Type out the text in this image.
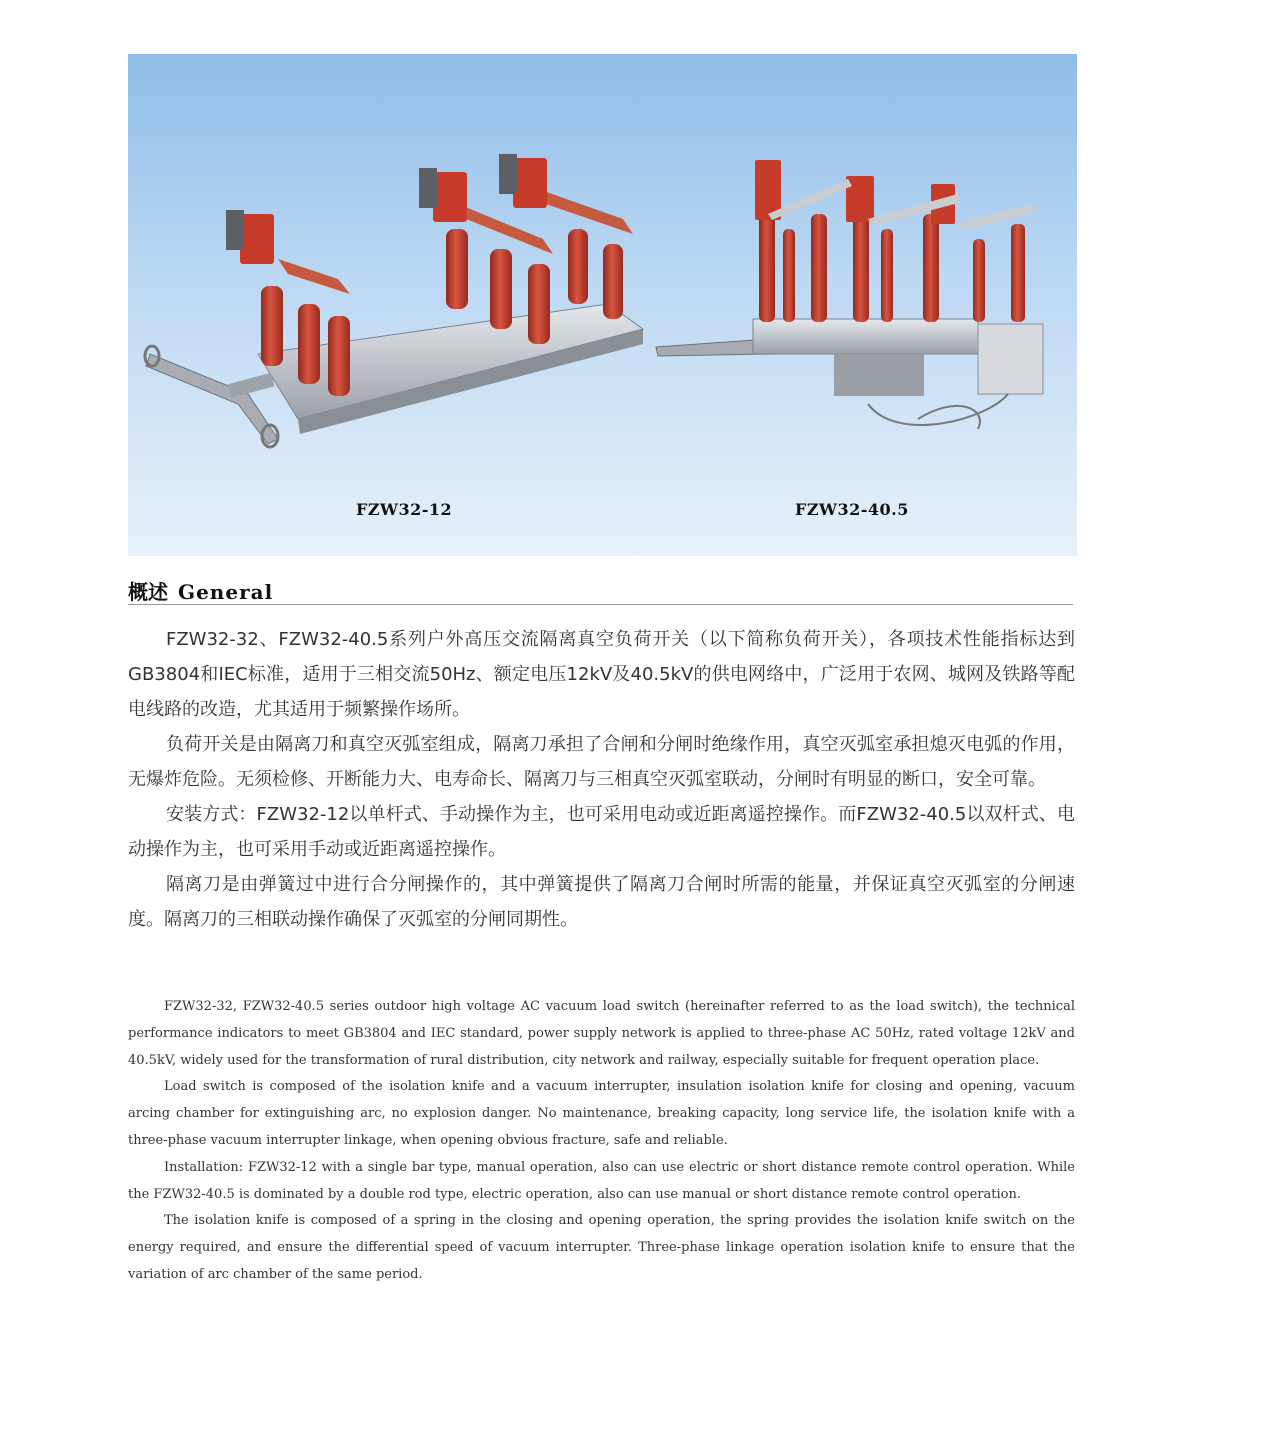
FZW32-12	FZW32-40.5
概述 General

FZW32-32、FZW32-40.5系列户外高压交流隔离真空负荷开关（以下简称负荷开关），各项技术性能指标达到GB3804和IEC标准，适用于三相交流50Hz、额定电压12kV及40.5kV的供电网络中，广泛用于农网、城网及铁路等配电线路的改造，尤其适用于频繁操作场所。

负荷开关是由隔离刀和真空灭弧室组成，隔离刀承担了合闸和分闸时绝缘作用，真空灭弧室承担熄灭电弧的作用，无爆炸危险。无须检修、开断能力大、电寿命长、隔离刀与三相真空灭弧室联动，分闸时有明显的断口，安全可靠。

安装方式：FZW32-12以单杆式、手动操作为主，也可采用电动或近距离遥控操作。而FZW32-40.5以双杆式、电动操作为主，也可采用手动或近距离遥控操作。

隔离刀是由弹簧过中进行合分闸操作的，其中弹簧提供了隔离刀合闸时所需的能量，并保证真空灭弧室的分闸速度。隔离刀的三相联动操作确保了灭弧室的分闸同期性。

FZW32-32, FZW32-40.5 series outdoor high voltage AC vacuum load switch (hereinafter referred to as the load switch), the technical performance indicators to meet GB3804 and IEC standard, power supply network is applied to three-phase AC 50Hz, rated voltage 12kV and 40.5kV, widely used for the transformation of rural distribution, city network and railway, especially suitable for frequent operation place.

Load switch is composed of the isolation knife and a vacuum interrupter, insulation isolation knife for closing and opening, vacuum arcing chamber for extinguishing arc, no explosion danger. No maintenance, breaking capacity, long service life, the isolation knife with a three-phase vacuum interrupter linkage, when opening obvious fracture, safe and reliable.

Installation: FZW32-12 with a single bar type, manual operation, also can use electric or short distance remote control operation. While the FZW32-40.5 is dominated by a double rod type, electric operation, also can use manual or short distance remote control operation.

The isolation knife is composed of a spring in the closing and opening operation, the spring provides the isolation knife switch on the energy required, and ensure the differential speed of vacuum interrupter. Three-phase linkage operation isolation knife to ensure that the variation of arc chamber of the same period.
